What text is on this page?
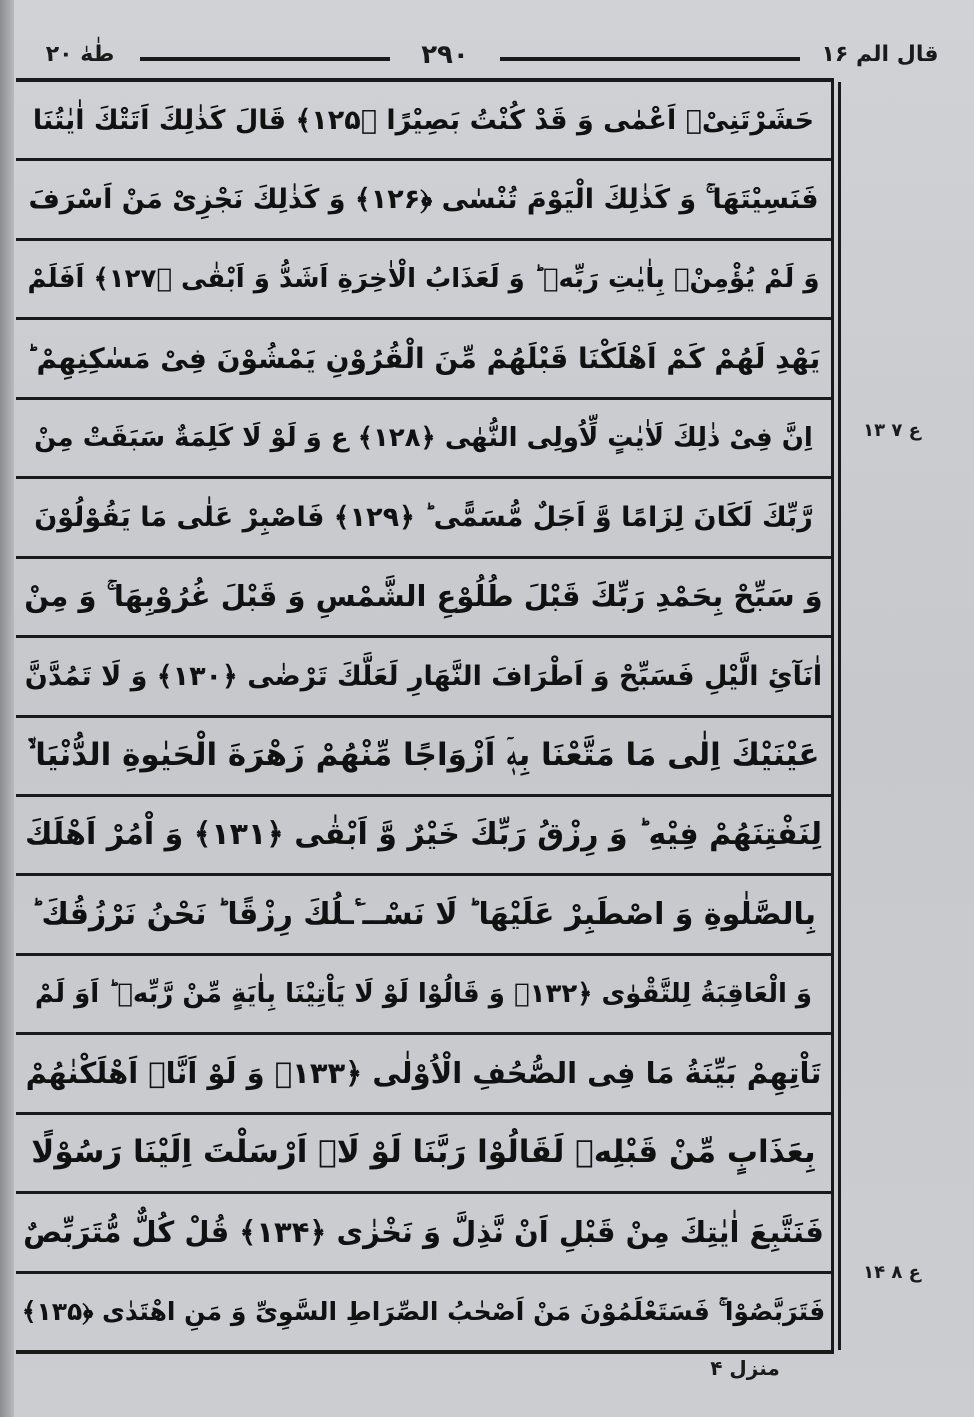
طٰهٰ ۲۰	۲۹۰	قال الم ۱۶
حَشَرْتَنِیْۤ اَعْمٰى وَ قَدْ كُنْتُ بَصِیْرًا ﴿۱۲۵﴾ قَالَ كَذٰلِكَ اَتَتْكَ اٰیٰتُنَا
فَنَسِیْتَهَا ۚ وَ كَذٰلِكَ الْیَوْمَ تُنْسٰى ﴿۱۲۶﴾ وَ كَذٰلِكَ نَجْزِیْ مَنْ اَسْرَفَ
وَ لَمْ یُؤْمِنْۢ بِاٰیٰتِ رَبِّهٖ ؕ وَ لَعَذَابُ الْاٰخِرَةِ اَشَدُّ وَ اَبْقٰى ﴿۱۲۷﴾ اَفَلَمْ
یَهْدِ لَهُمْ كَمْ اَهْلَكْنَا قَبْلَهُمْ مِّنَ الْقُرُوْنِ یَمْشُوْنَ فِیْ مَسٰكِنِهِمْ ؕ
اِنَّ فِیْ ذٰلِكَ لَاٰیٰتٍ لِّاُولِی النُّهٰى ﴿۱۲۸﴾ ع وَ لَوْ لَا كَلِمَةٌ سَبَقَتْ مِنْ
رَّبِّكَ لَكَانَ لِزَامًا وَّ اَجَلٌ مُّسَمًّى ؕ ﴿۱۲۹﴾ فَاصْبِرْ عَلٰى مَا یَقُوْلُوْنَ
وَ سَبِّحْ بِحَمْدِ رَبِّكَ قَبْلَ طُلُوْعِ الشَّمْسِ وَ قَبْلَ غُرُوْبِهَا ۚ وَ مِنْ
اٰنَآئِ الَّیْلِ فَسَبِّحْ وَ اَطْرَافَ النَّهَارِ لَعَلَّكَ تَرْضٰى ﴿۱۳۰﴾ وَ لَا تَمُدَّنَّ
عَیْنَیْكَ اِلٰى مَا مَتَّعْنَا بِهٖۤ اَزْوَاجًا مِّنْهُمْ زَهْرَةَ الْحَیٰوةِ الدُّنْیَا ۙ۬
لِنَفْتِنَهُمْ فِیْهِ ؕ وَ رِزْقُ رَبِّكَ خَیْرٌ وَّ اَبْقٰى ﴿۱۳۱﴾ وَ اْمُرْ اَهْلَكَ
بِالصَّلٰوةِ وَ اصْطَبِرْ عَلَیْهَا ؕ لَا نَسْــٴَـلُكَ رِزْقًا ؕ نَحْنُ نَرْزُقُكَ ؕ
وَ الْعَاقِبَةُ لِلتَّقْوٰى ﴿۱۳۲﴾ وَ قَالُوْا لَوْ لَا یَاْتِیْنَا بِاٰیَةٍ مِّنْ رَّبِّهٖ ؕ اَوَ لَمْ
تَاْتِهِمْ بَیِّنَةُ مَا فِی الصُّحُفِ الْاُوْلٰى ﴿۱۳۳﴾ وَ لَوْ اَنَّاۤ اَهْلَكْنٰهُمْ
بِعَذَابٍ مِّنْ قَبْلِهٖ لَقَالُوْا رَبَّنَا لَوْ لَاۤ اَرْسَلْتَ اِلَیْنَا رَسُوْلًا
فَنَتَّبِعَ اٰیٰتِكَ مِنْ قَبْلِ اَنْ نَّذِلَّ وَ نَخْزٰى ﴿۱۳۴﴾ قُلْ كُلٌّ مُّتَرَبِّصٌ
فَتَرَبَّصُوْا ۚ فَسَتَعْلَمُوْنَ مَنْ اَصْحٰبُ الصِّرَاطِ السَّوِیِّ وَ مَنِ اهْتَدٰى ﴿۱۳۵﴾
ع ۷ ۱۳
ع ۸ ۱۴
منزل ۴
